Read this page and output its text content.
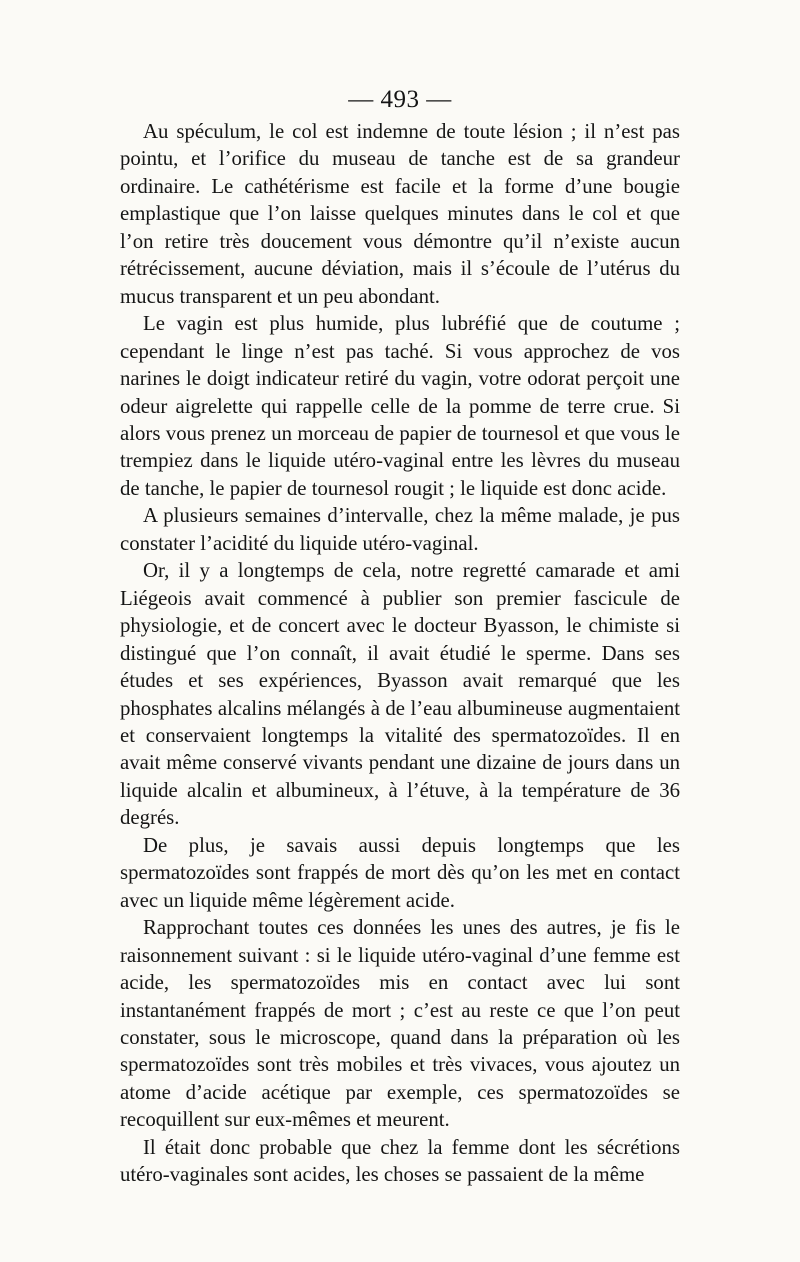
— 493 —

Au spéculum, le col est indemne de toute lésion ; il n’est pas pointu, et l’orifice du museau de tanche est de sa grandeur ordinaire. Le cathétérisme est facile et la forme d’une bougie emplastique que l’on laisse quelques minutes dans le col et que l’on retire très doucement vous démontre qu’il n’existe aucun rétrécissement, aucune déviation, mais il s’écoule de l’utérus du mucus transparent et un peu abondant.

Le vagin est plus humide, plus lubréfié que de coutume ; cependant le linge n’est pas taché. Si vous approchez de vos narines le doigt indicateur retiré du vagin, votre odorat perçoit une odeur aigrelette qui rappelle celle de la pomme de terre crue. Si alors vous prenez un morceau de papier de tournesol et que vous le trempiez dans le liquide utéro-vaginal entre les lèvres du museau de tanche, le papier de tournesol rougit ; le liquide est donc acide.

A plusieurs semaines d’intervalle, chez la même malade, je pus constater l’acidité du liquide utéro-vaginal.

Or, il y a longtemps de cela, notre regretté camarade et ami Liégeois avait commencé à publier son premier fascicule de physiologie, et de concert avec le docteur Byasson, le chimiste si distingué que l’on connaît, il avait étudié le sperme. Dans ses études et ses expériences, Byasson avait remarqué que les phosphates alcalins mélangés à de l’eau albumineuse augmentaient et conservaient longtemps la vitalité des spermatozoïdes. Il en avait même conservé vivants pendant une dizaine de jours dans un liquide alcalin et albumineux, à l’étuve, à la température de 36 degrés.

De plus, je savais aussi depuis longtemps que les spermatozoïdes sont frappés de mort dès qu’on les met en contact avec un liquide même légèrement acide.

Rapprochant toutes ces données les unes des autres, je fis le raisonnement suivant : si le liquide utéro-vaginal d’une femme est acide, les spermatozoïdes mis en contact avec lui sont instantanément frappés de mort ; c’est au reste ce que l’on peut constater, sous le microscope, quand dans la préparation où les spermatozoïdes sont très mobiles et très vivaces, vous ajoutez un atome d’acide acétique par exemple, ces spermatozoïdes se recoquillent sur eux-mêmes et meurent.

Il était donc probable que chez la femme dont les sécrétions utéro-vaginales sont acides, les choses se passaient de la même
